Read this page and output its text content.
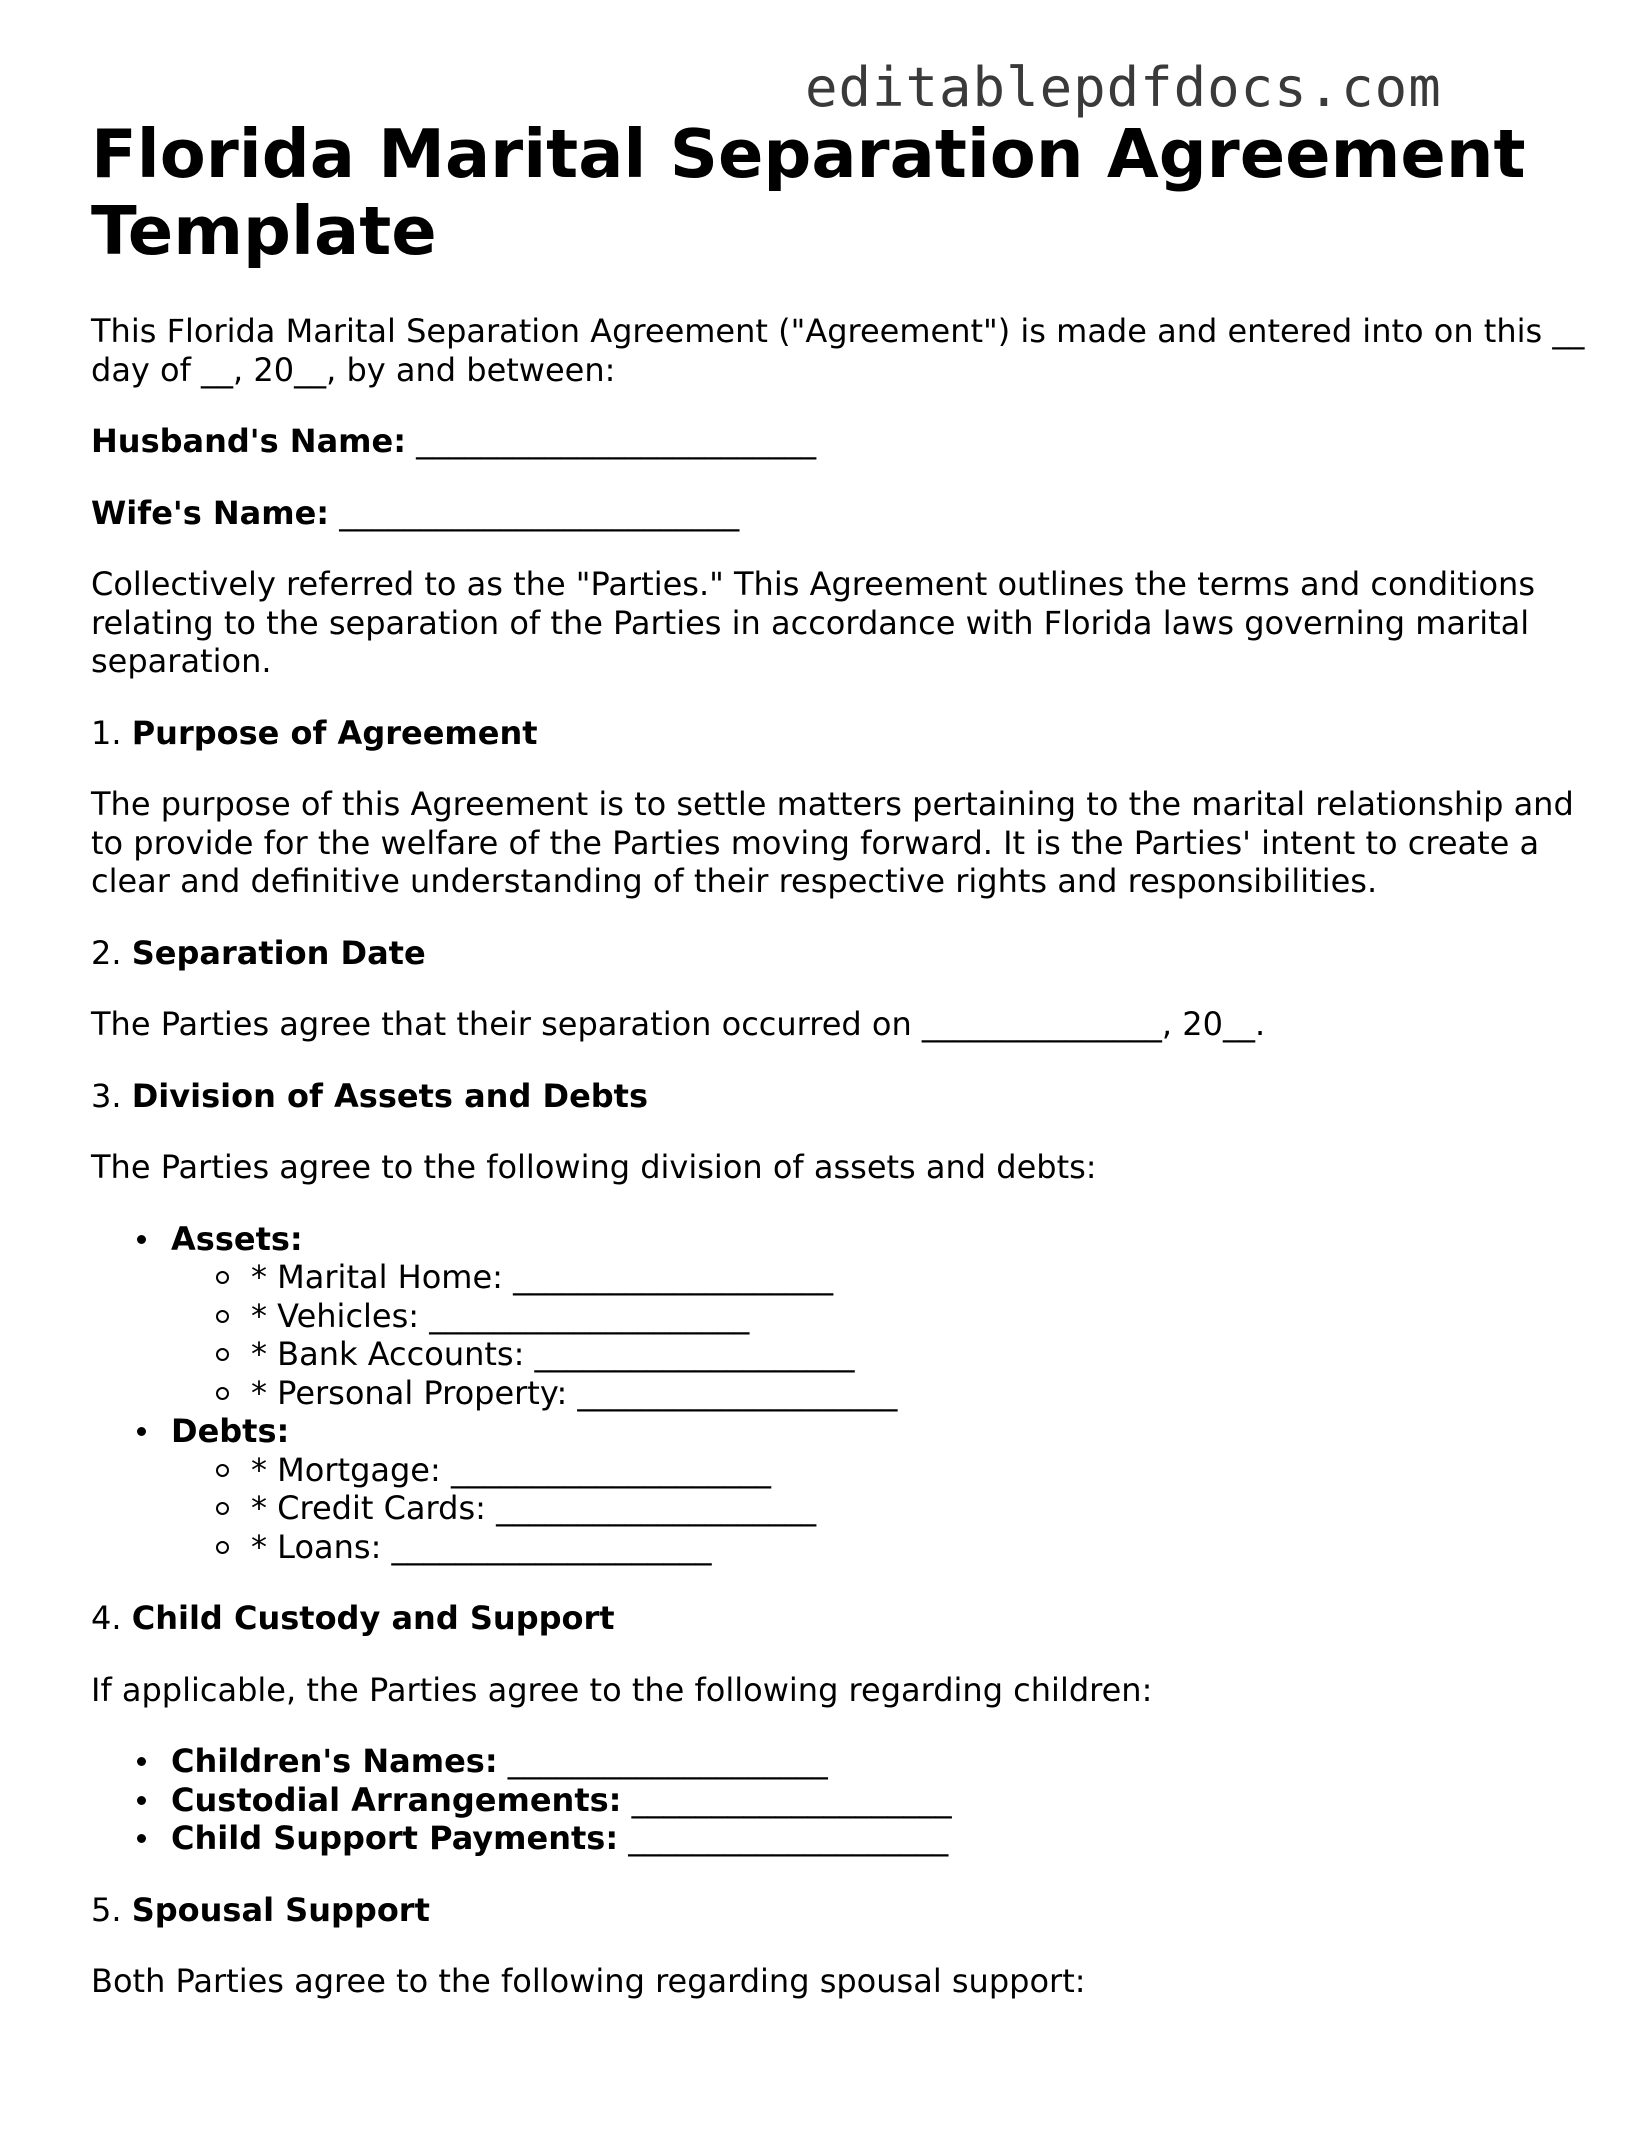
editablepdfdocs.com
Florida Marital Separation Agreement Template

This Florida Marital Separation Agreement ("Agreement") is made and entered into on this __ day of __, 20__, by and between:

Husband's Name: _________________________

Wife's Name: _________________________

Collectively referred to as the "Parties." This Agreement outlines the terms and conditions relating to the separation of the Parties in accordance with Florida laws governing marital separation.

1. Purpose of Agreement

The purpose of this Agreement is to settle matters pertaining to the marital relationship and to provide for the welfare of the Parties moving forward. It is the Parties' intent to create a clear and definitive understanding of their respective rights and responsibilities.

2. Separation Date

The Parties agree that their separation occurred on _______________, 20__.

3. Division of Assets and Debts

The Parties agree to the following division of assets and debts:

Assets:
* Marital Home: ____________________
* Vehicles: ____________________
* Bank Accounts: ____________________
* Personal Property: ____________________
Debts:
* Mortgage: ____________________
* Credit Cards: ____________________
* Loans: ____________________
4. Child Custody and Support

If applicable, the Parties agree to the following regarding children:

Children's Names: ____________________
Custodial Arrangements: ____________________
Child Support Payments: ____________________
5. Spousal Support

Both Parties agree to the following regarding spousal support:
